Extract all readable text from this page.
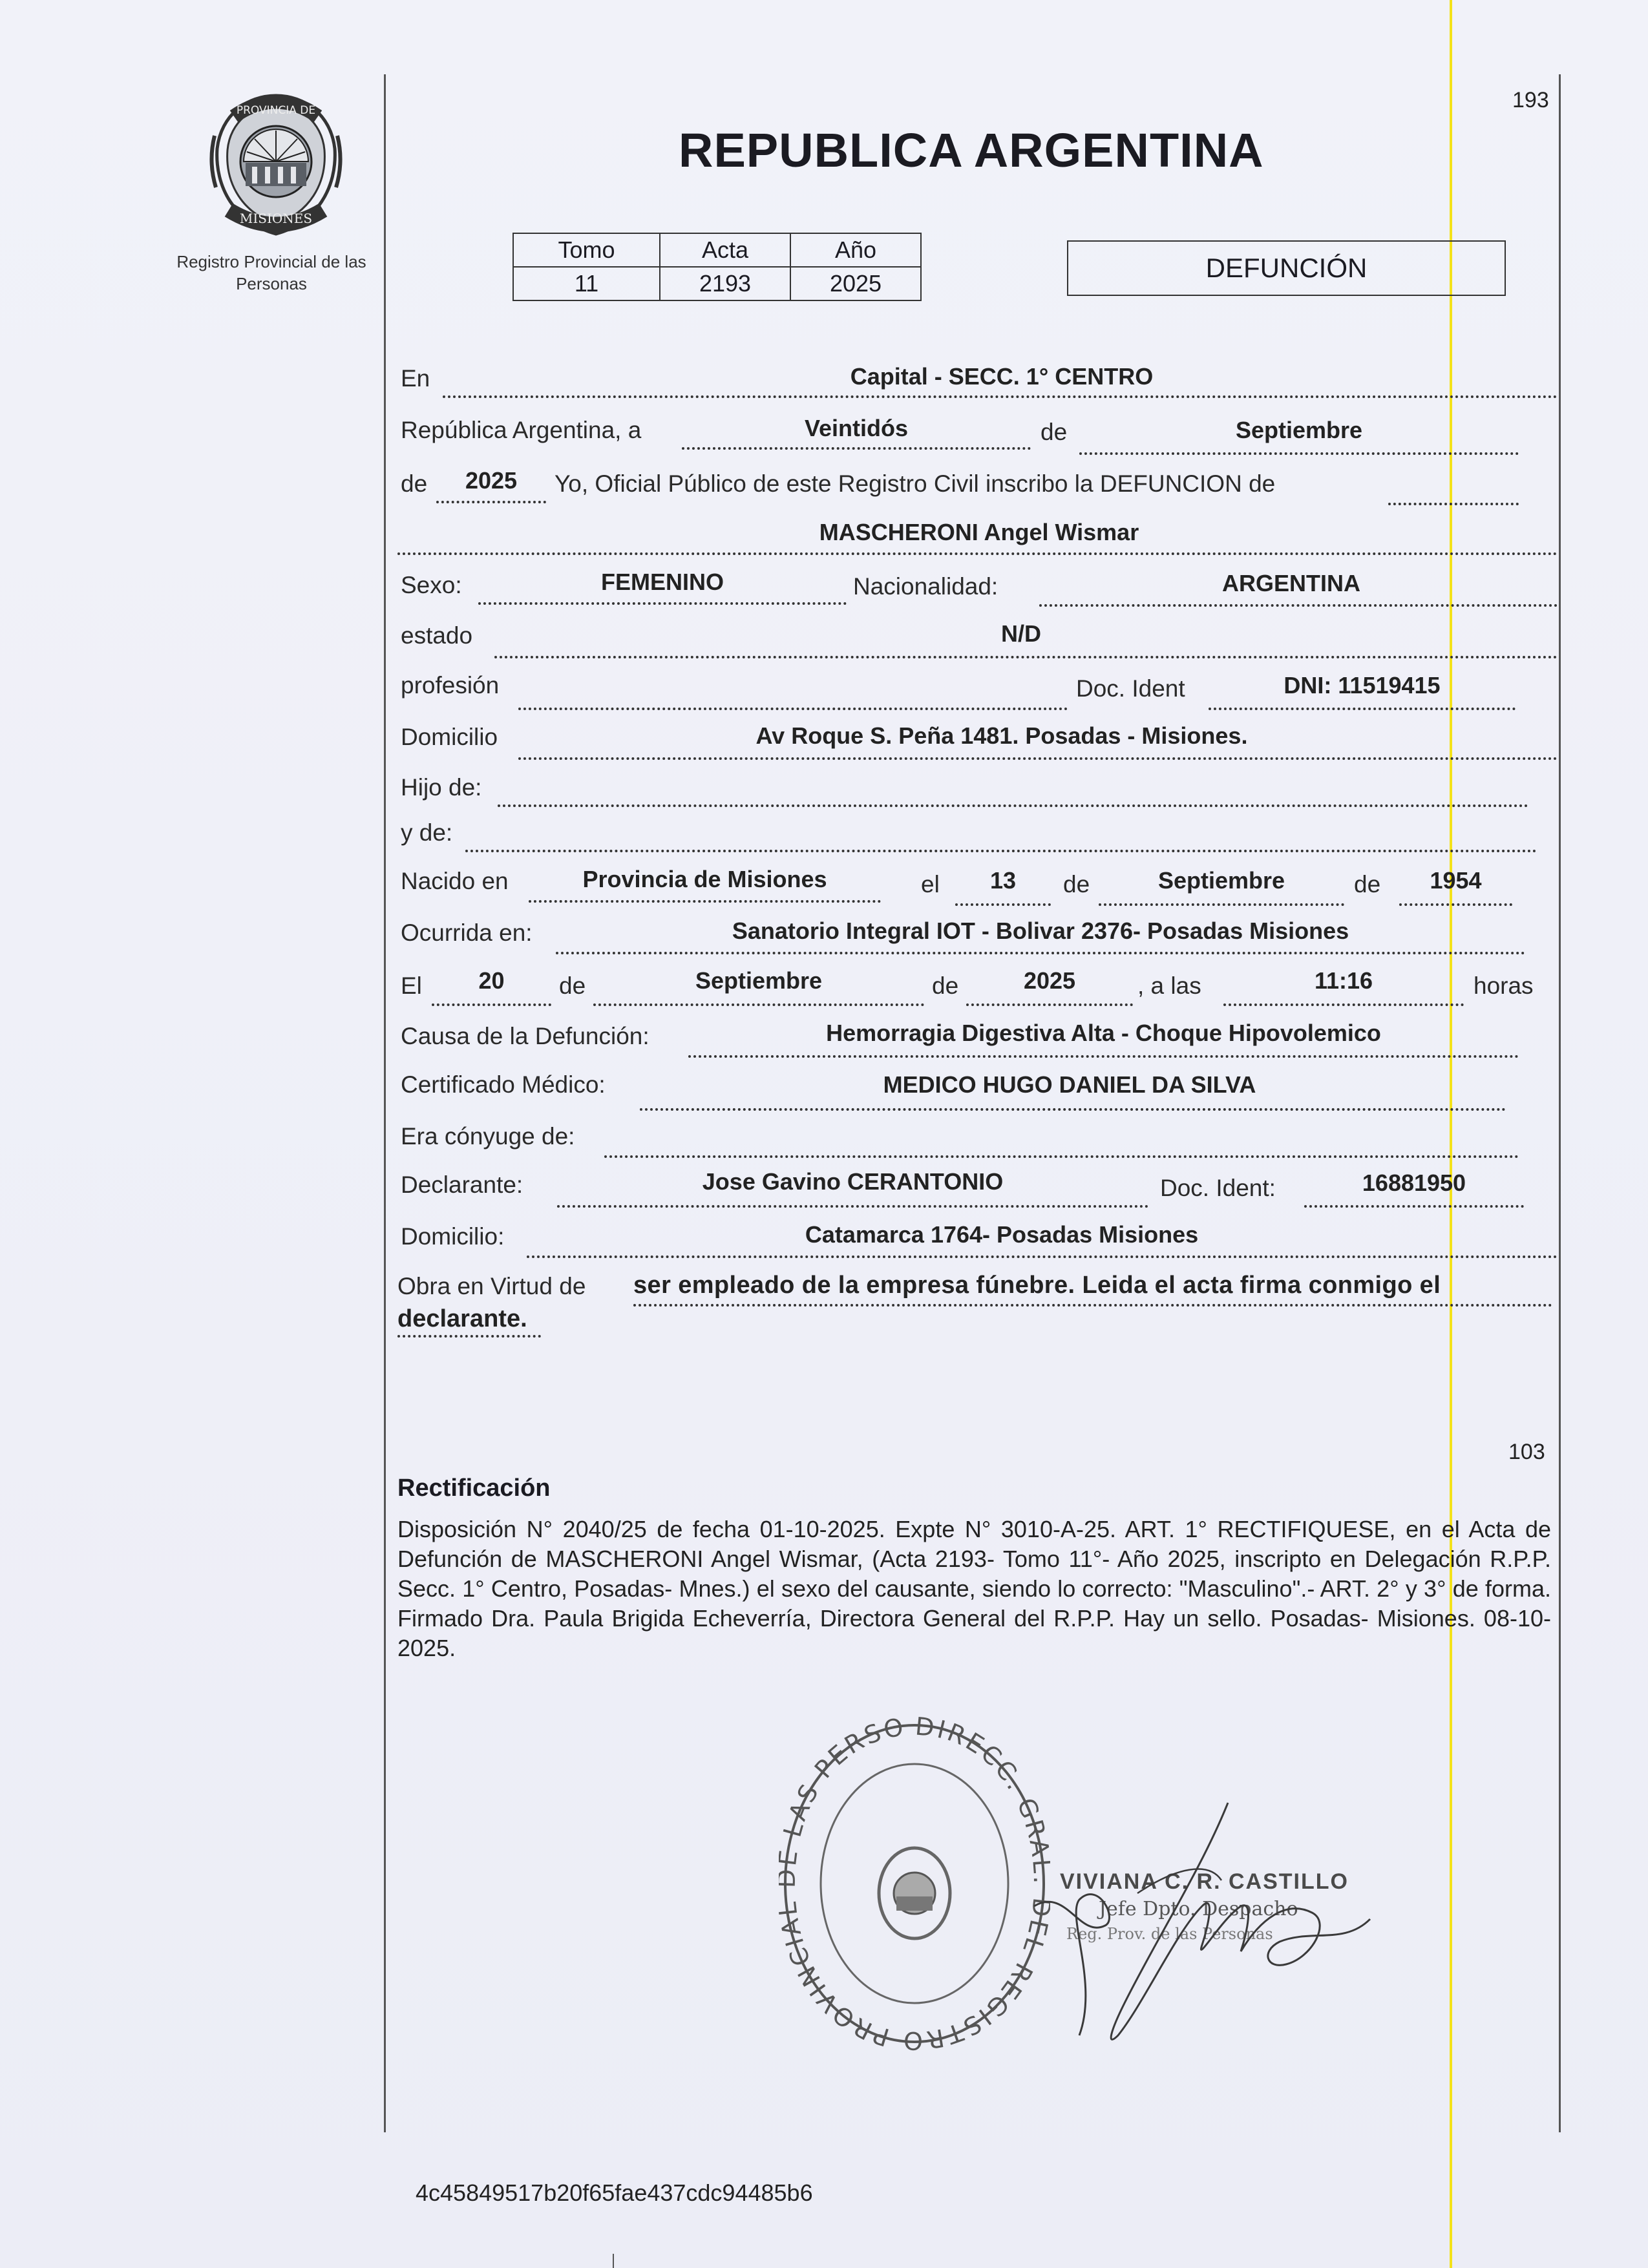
PROVINCIA DE
MISIONES
Registro Provincial de las Personas
193
REPUBLICA ARGENTINA
Tomo	Acta	Año
11	2193	2025
DEFUNCIÓN
En	Capital - SECC. 1° CENTRO
República Argentina, a	Veintidós	de	Septiembre
de	2025	Yo, Oficial Público de este Registro Civil inscribo la DEFUNCION de
MASCHERONI Angel Wismar
Sexo:	FEMENINO	Nacionalidad:	ARGENTINA
estado	N/D
profesión	Doc. Ident	DNI: 11519415
Domicilio	Av Roque S. Peña 1481. Posadas - Misiones.
Hijo de:
y de:
Nacido en	Provincia de Misiones	el	13	de	Septiembre	de	1954
Ocurrida en:	Sanatorio Integral IOT - Bolivar 2376- Posadas Misiones
El	20	de	Septiembre	de	2025	, a las	11:16	horas
Causa de la Defunción:	Hemorragia Digestiva Alta - Choque Hipovolemico
Certificado Médico:	MEDICO HUGO DANIEL DA SILVA
Era cónyuge de:
Declarante:	Jose Gavino CERANTONIO	Doc. Ident:	16881950
Domicilio:	Catamarca 1764- Posadas Misiones
Obra en Virtud de ser empleado de la empresa fúnebre. Leida el acta firma conmigo el
declarante.
103
Rectificación
Disposición N° 2040/25 de fecha 01-10-2025. Expte N° 3010-A-25. ART. 1° RECTIFIQUESE, en el Acta de Defunción de MASCHERONI Angel Wismar, (Acta 2193- Tomo 11°- Año 2025, inscripto en Delegación R.P.P. Secc. 1° Centro, Posadas- Mnes.) el sexo del causante, siendo lo correcto: "Masculino".- ART. 2° y 3° de forma. Firmado Dra. Paula Brigida Echeverría, Directora General del R.P.P. Hay un sello. Posadas- Misiones. 08-10-2025.
DIRECC. GR L REGISTRO PROVINCI LAS PERSO
VIVIANA C. R. CASTILLO
Jefe Dpto. Despacho
Reg. Prov. de las Personas
4c45849517b20f65fae437cdc94485b6
